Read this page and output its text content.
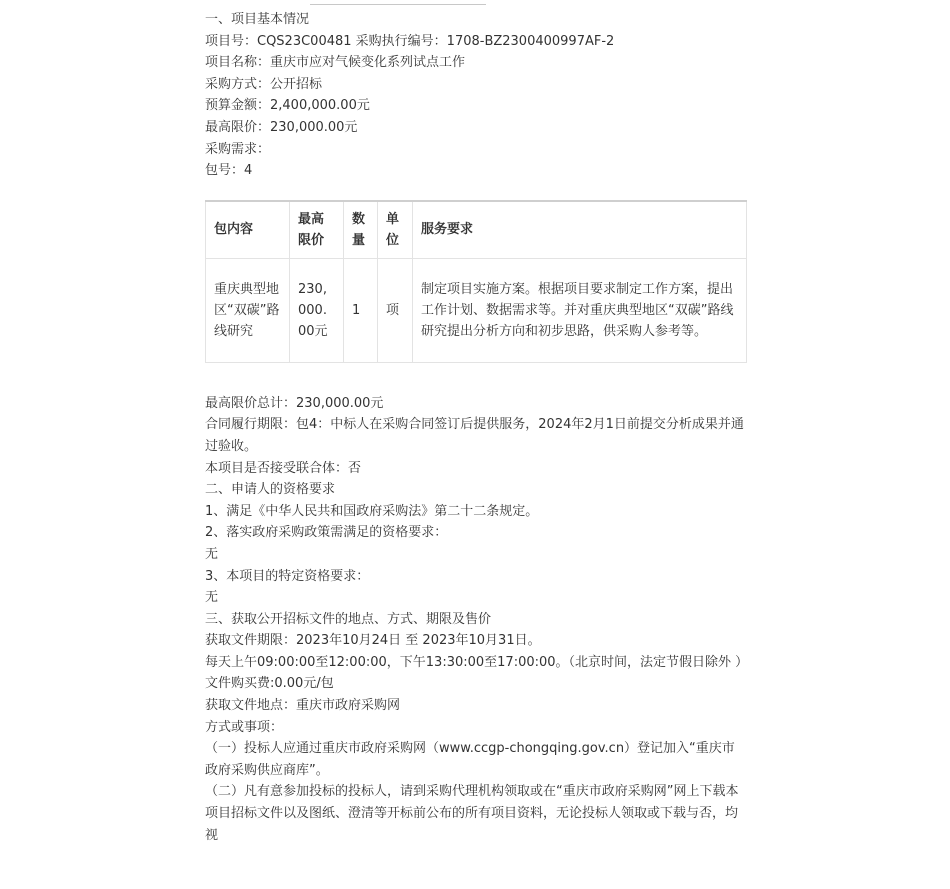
一、项目基本情况

项目号：CQS23C00481 采购执行编号：1708-BZ2300400997AF-2

项目名称：重庆市应对气候变化系列试点工作

采购方式：公开招标

预算金额：2,400,000.00元

最高限价：230,000.00元

采购需求：

包号：4

包内容	最高限价	数量	单位	服务要求
重庆典型地区“双碳”路线研究	230,000.00元	1	项	制定项目实施方案。根据项目要求制定工作方案，提出工作计划、数据需求等。并对重庆典型地区“双碳”路线研究提出分析方向和初步思路，供采购人参考等。

最高限价总计：230,000.00元

合同履行期限：包4：中标人在采购合同签订后提供服务，2024年2月1日前提交分析成果并通过验收。

本项目是否接受联合体：否

二、申请人的资格要求

1、满足《中华人民共和国政府采购法》第二十二条规定。

2、落实政府采购政策需满足的资格要求：

无

3、本项目的特定资格要求：

无

三、获取公开招标文件的地点、方式、期限及售价

获取文件期限：2023年10月24日 至 2023年10月31日。

每天上午09:00:00至12:00:00，下午13:30:00至17:00:00。（北京时间，法定节假日除外 ）

文件购买费:0.00元/包

获取文件地点：重庆市政府采购网

方式或事项：

（一）投标人应通过重庆市政府采购网（www.ccgp-chongqing.gov.cn）登记加入“重庆市政府采购供应商库”。

（二）凡有意参加投标的投标人，请到采购代理机构领取或在“重庆市政府采购网”网上下载本项目招标文件以及图纸、澄清等开标前公布的所有项目资料，无论投标人领取或下载与否，均视
